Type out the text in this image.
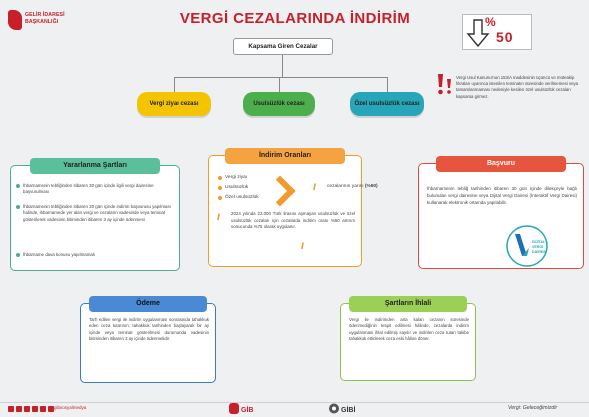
GELİR İDARESİ
BAŞKANLIĞI	VERGİ CEZALARINDA İNDİRİM	%
50
Kapsama Giren Cezalar
Vergi ziyaı cezası	Usulsüzlük cezası	Özel usulsüzlük cezası
Vergi Usul Kanunu'nun 153/A maddesinin üçüncü ve müteakip fıkraları uyarınca istenilen teminatın süresinde verilmemesi veya tamamlanmaması nedeniyle kesilen özel usulsüzlük cezaları kapsama girmez.
Yararlanma Şartları
İhbarnamenin tebliğinden itibaren 30 gün içinde ilgili vergi dairesine başvurulması
İhbarnamenin tebliğinden itibaren 30 gün içinde indirim başvurusu yapılması halinde, ihbarnamede yer alan vergi ve cezaların vadesinde veya teminat gösterilerek vadesinin bitiminden itibaren 3 ay içinde ödenmesi
İhbarname dava konusu yapılmamalı
İndirim Oranları
Vergi ziyaı
Usulsüzlük
Özel usulsüzlük
cezalarının yarısı (%50)
//
//
//
2024 yılında 23.000 Türk lirasını aşmayan usulsüzlük ve özel usulsüzlük cezaları için cezalarda indirim oranı %50 artırım sonucunda %75 olarak uygulanır.
Başvuru
İhbarnamenin tebliğ tarihinden itibaren 30 gün içinde dilekçeyle bağlı bulunulan vergi dairesine veya Dijital Vergi Dairesi (İnteraktif Vergi Dairesi) kullanarak elektronik ortamda yapılabilir.
DİJİTAL
VERGİ
DAİRESİ
Ödeme
Tarh edilen vergi ile indirim uygulanması sonrasında tahakkuk eden ceza tutarının; tahakkuk tarihinden başlayarak bir ay içinde veya teminat gösterilmesi durumunda vadesinin bitiminden itibaren 3 ay içinde ödenmelidir.
Şartların İhlali
Vergi ile indirimden arta kalan cezanın süresinde ödenmediğinin tespit edilmesi hâlinde, cezalarda indirim uygulanması ihlal edilmiş sayılır ve indirilen ceza tutarı takibe tahakkuk ettirilerek ceza eski hâline döner.
gibsosyalmedya	GİB	GİBİ	Vergi: Geleceğimizdir
